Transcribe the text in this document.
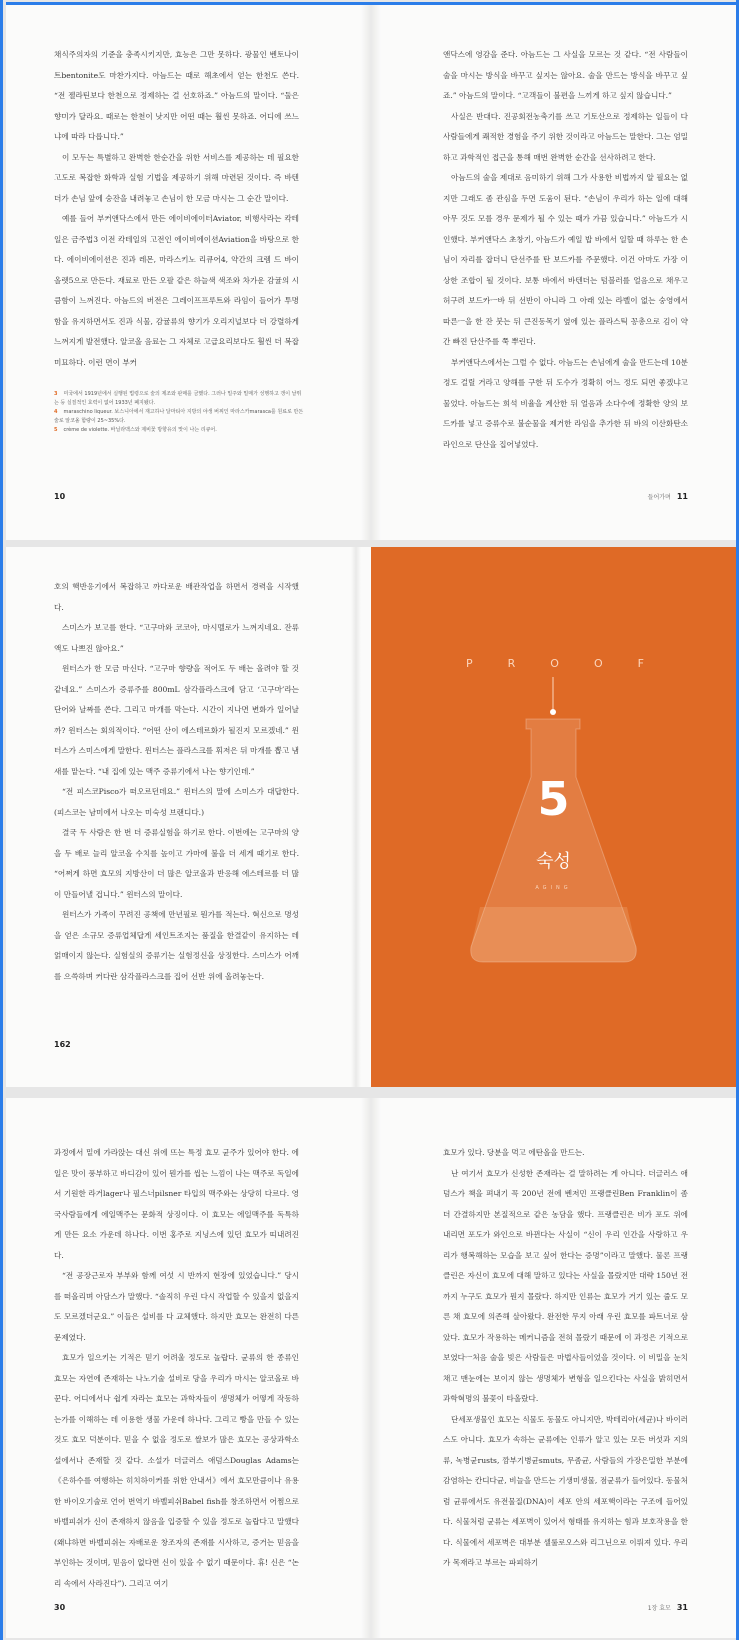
채식주의자의 기준을 충족시키지만, 효능은 그만 못하다. 광물인 벤토나이트bentonite도 마찬가지다. 아늠드는 때로 해초에서 얻는 한천도 쓴다. “전 젤라틴보다 한천으로 정제하는 걸 선호하죠.” 아늠드의 말이다. “둘은 향미가 달라요. 때로는 한천이 낫지만 어떤 때는 훨씬 못하죠. 어디에 쓰느냐에 따라 다릅니다.”

이 모두는 특별하고 완벽한 한순간을 위한 서비스를 제공하는 데 필요한 고도로 복잡한 화학과 실험 기법을 제공하기 위해 마련된 것이다. 즉 바텐더가 손님 앞에 숭잔을 내려놓고 손님이 한 모금 마시는 그 순간 말이다.

예를 들어 부커앤닥스에서 만든 에이비에이터Aviator, 비행사라는 칵테일은 금주법3 이전 칵테일의 고전인 에이비에이션Aviation을 바탕으로 한다. 에이비에이션은 진과 레몬, 마라스키노 리큐어4, 약간의 크렘 드 바이올렛5으로 만든다. 재료로 만든 오팔 같은 하늘색 색조와 차가운 감귤의 시큼함이 느껴진다. 아늠드의 버전은 그레이프프루트와 라임이 들어가 투명함을 유지하면서도 진과 식물, 감귤류의 향기가 오리지널보다 더 강렬하게 느껴지게 발전했다. 알코올 음료는 그 자체로 고급요리보다도 훨씬 더 복잡미묘하다. 이런 면이 부커

3 미국에서 1919년에서 실행된 법령으로 술의 제조와 판매를 금했다. 그러나 밀주와 밀매가 성행하고 갱이 날뛰는 등 실질적인 효력이 없어 1933년 폐지됐다.
4 maraschino liqueur. 보스니아에서 재고하나 달마티아 지방의 야생 버찌인 마라스카marasca를 원료로 만든 술로 알코올 함량이 25~35%다.
5 crème de violette. 바닐라맥스와 제비꽃 방향유의 맛이 나는 리큐어.
10

앤닥스에 영감을 준다. 아늠드는 그 사실을 모르는 것 같다. “전 사람들이 술을 마시는 방식을 바꾸고 싶지는 않아요. 술을 만드는 방식을 바꾸고 싶죠.” 아늠드의 말이다. “고객들이 불편을 느끼게 하고 싶지 않습니다.”

사실은 반대다. 진공회전농축기를 쓰고 기토산으로 정제하는 일들이 다 사람들에게 쾌적한 경험을 주기 위한 것이라고 아늠드는 말한다. 그는 엄밀하고 과학적인 접근을 통해 매번 완벽한 순간을 선사하려고 한다.

아늠드의 술을 제대로 음미하기 위해 그가 사용한 비법까지 알 필요는 없지만 그래도 좀 관심을 두면 도움이 된다. “손님이 우리가 하는 일에 대해 아무 것도 모를 경우 문제가 될 수 있는 때가 가끔 있습니다.” 아늠드가 시인했다. 부커앤닥스 초창기, 아늠드가 예일 밥 바에서 일할 때 하루는 한 손님이 자리를 잡더니 단선주를 탄 보드카를 주문했다. 이건 아마도 가장 이상한 조합이 될 것이다. 보통 바에서 바텐더는 텀블러를 얼음으로 채우고 허구려 보드카ㅡ바 뒤 선반이 아니라 그 아래 있는 라벨이 없는 숭영에서 따른ㅡ을 한 잔 붓는 뒤 큰진동목기 옆에 있는 플라스틱 꽁총으로 김이 약간 빠진 단산주를 쭉 뿌린다.

부커앤닥스에서는 그럴 수 없다. 아늠드는 손님에게 술을 만드는데 10분 정도 걸릴 거라고 양해를 구한 뒤 도수가 정확히 어느 정도 되면 좋겠냐고 물었다. 아늠드는 희석 비율을 계산한 뒤 얼음과 소다수에 정확한 양의 보드카를 넣고 증류수로 불순물을 제거한 라임을 추가한 뒤 바의 이산화탄소 라인으로 단산을 집어넣었다.

들어가며 11

호의 핵반응기에서 복잡하고 까다로운 배관작업을 하면서 경력을 시작했다.

스미스가 보고를 한다. “고구마와 코코아, 마시멜로가 느껴지네요. 잔류액도 나쁘진 않아요.”

윈터스가 한 모금 마신다. “고구마 향량을 적어도 두 배는 올려야 할 것 같네요.” 스미스가 증류주를 800mL 삼각플라스크에 담고 ‘고구마’라는 단어와 날짜를 쓴다. 그리고 마개를 막는다. 시간이 지나면 변화가 일어날까? 윈터스는 회의적이다. “어떤 산이 에스테르화가 될진지 모르겠네.” 윈터스가 스미스에게 말한다. 윈터스는 플라스크를 휘저은 뒤 마개를 뽑고 냄새를 맡는다. “내 집에 있는 맥주 증류기에서 나는 향기인데.”

“전 피스코Pisco가 떠오르던데요.” 윈터스의 말에 스미스가 대답한다. (피스코는 남미에서 나오는 미숙성 브랜디다.)

결국 두 사람은 한 번 더 증류실험을 하기로 한다. 이번에는 고구마의 양을 두 배로 늘리 알코올 수치를 높이고 가마에 불을 더 세게 때기로 한다. “어쩌게 하면 효모의 지방산이 더 많은 알코올과 반응해 에스테르를 더 많이 만들어낼 겁니다.” 윈터스의 말이다.

윈터스가 가족이 꾸려진 공책에 만년필로 뭔가를 적는다. 혁신으로 명성을 얻은 소규모 증류업체답게 세인트조지는 품질을 한결같이 유지하는 데 얽매이지 않는다. 실험실의 증류기는 실험정신을 상징한다. 스미스가 어깨를 으쓱하며 커다란 삼각플라스크를 집어 선반 위에 올려놓는다.

162
P	R	O	O	F
5
숙성
AGING

과정에서 밑에 가라앉는 대신 위에 뜨는 특정 효모 균주가 있어야 한다. 에일은 맛이 풍부하고 바디감이 있어 뭔가를 씹는 느낌이 나는 맥주로 독일에서 기원한 라거lager나 필스너pilsner 타입의 맥주와는 상당히 다르다. 영국사람들에게 에일맥주는 문화적 상징이다. 이 효모는 에일맥주를 독특하게 만든 요소 가운데 하나다. 이번 홍주로 지닝스에 있던 효모가 띠내려진다.

“전 공장근로자 부부와 함께 여섯 시 반까지 현장에 있었습니다.” 당시를 떠올리며 아담스가 말했다. “솔직히 우린 다시 작업할 수 있을지 없을지도 모르겠더군요.” 이들은 설비를 다 교체했다. 하지만 효모는 완전히 다른 문제였다.

효모가 일으키는 기적은 믿기 어려울 정도로 놀랍다. 균류의 한 종류인 효모는 자연에 존재하는 나노기술 설비로 당을 우리가 마시는 알코올로 바꾼다. 어디에서나 쉽게 자라는 효모는 과학자들이 생명체가 어떻게 작동하는가를 이해하는 데 이용한 생물 가운데 하나다. 그리고 빵을 만들 수 있는 것도 효모 덕분이다. 믿을 수 없을 정도로 쌀보가 많은 효모는 공상과학소설에서나 존재할 것 같다. 소설가 더글러스 애덤스Douglas Adams는 《은하수를 여행하는 히치하이커를 위한 안내서》에서 효모만큼이나 유용한 바이오기술로 언어 번역기 바벨피쉬Babel fish를 창조하면서 어쩜으로 바벨피쉬가 신이 존재하지 않음을 입증할 수 있을 정도로 놀랍다고 말했다(왜냐하면 바벨피쉬는 자배로운 창조자의 존재를 시사하고, 증거는 믿음을 부인하는 것이며, 믿음이 없다면 신이 있을 수 없기 때문이다. 휴! 신은 “논리 속에서 사라진다”). 그리고 여기

30

효모가 있다. 당분을 먹고 에탄올을 만드는.

난 여기서 효모가 신성한 존재라는 걸 말하려는 게 아니다. 더글러스 애덤스가 책을 펴내기 꼭 200년 전에 벤저민 프랭클린Ben Franklin이 좀 더 간결하지만 본질적으로 같은 농담을 했다. 프랭클린은 비가 포도 위에 내리면 포도가 와인으로 바뀐다는 사실이 “신이 우리 인간을 사랑하고 우리가 행복해하는 모습을 보고 싶어 한다는 증명”이라고 말했다. 물론 프랭클린은 자신이 효모에 대해 말하고 있다는 사실을 몰랐지만 대략 150년 전까지 누구도 효모가 뭔지 몰랐다. 하지만 인류는 효모가 거기 있는 줄도 모른 채 효모에 의존해 살아왔다. 완전한 무지 아래 우린 효모를 파트너로 삼았다. 효모가 작용하는 메커니즘을 전혀 몰랐기 때문에 이 과정은 기적으로 보였다ㅡ처음 술을 빚은 사람들은 마법사들이었을 것이다. 이 비밀을 눈치채고 맨눈에는 보이지 않는 생명체가 변형을 일으킨다는 사실을 밝히면서 과학혁명의 불꽃이 타올랐다.

단세포생물인 효모는 식물도 동물도 아니지만, 박테리아(세균)나 바이러스도 아니다. 효모가 속하는 균류에는 인류가 알고 있는 모든 버섯과 지의류, 녹병균rusts, 깜부기병균smuts, 무좀균, 사람들의 가장은밀한 부분에 감염하는 칸디다균, 비늘을 만드는 기생미생물, 점균류가 들어있다. 동물처럼 균류에서도 유전물질(DNA)이 세포 안의 세포핵이라는 구조에 들어있다. 식물처럼 균류는 세포벽이 있어서 형태를 유지하는 힘과 보호작용을 한다. 식물에서 세포벽은 대부분 셀룰로오스와 리그닌으로 이뤄져 있다. 우리가 목재라고 부르는 파피하기

1장 효모 31
